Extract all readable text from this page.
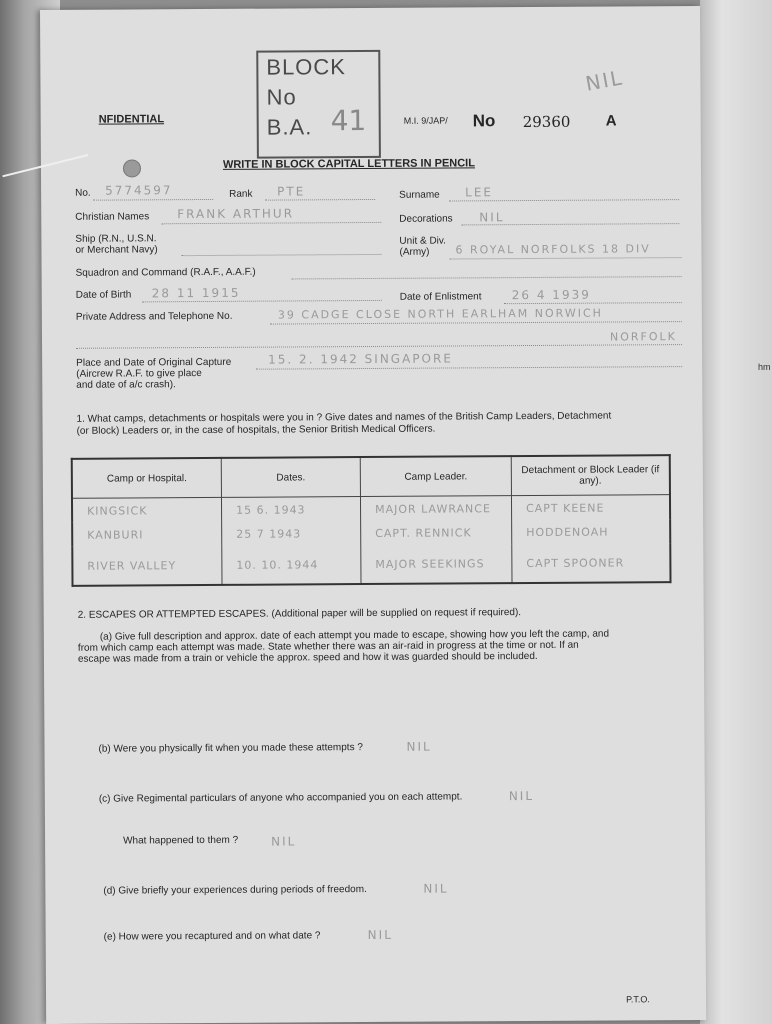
hm
NFIDENTIAL
BLOCK
No
B.A. 41	M.I. 9/JAP/ No 29360 A
NIL
WRITE IN BLOCK CAPITAL LETTERS IN PENCIL
No. 5774597	Rank PTE	Surname LEE
Christian Names FRANK ARTHUR	Decorations NIL
Ship (R.N., U.S.N.
or Merchant Navy)
Unit & Div.
(Army) 6 ROYAL NORFOLKS 18 DIV
Squadron and Command (R.A.F., A.A.F.)
Date of Birth 28 11 1915	Date of Enlistment	26 4 1939
Private Address and Telephone No.	39 CADGE CLOSE NORTH EARLHAM NORWICH
NORFOLK
Place and Date of Original Capture
(Aircrew R.A.F. to give place
and date of a/c crash).
15. 2. 1942 SINGAPORE
1. What camps, detachments or hospitals were you in ? Give dates and names of the British Camp Leaders, Detachment
(or Block) Leaders or, in the case of hospitals, the Senior British Medical Officers.
Camp or Hospital.	Dates.	Camp Leader.	Detachment or Block Leader (if any).
KINGSICK	15 6. 1943	MAJOR LAWRANCE	CAPT KEENE
KANBURI	25 7 1943	CAPT. RENNICK	HODDENOAH
RIVER VALLEY	10. 10. 1944	MAJOR SEEKINGS	CAPT SPOONER
2. ESCAPES OR ATTEMPTED ESCAPES. (Additional paper will be supplied on request if required).
(a) Give full description and approx. date of each attempt you made to escape, showing how you left the camp, and
from which camp each attempt was made. State whether there was an air-raid in progress at the time or not. If an
escape was made from a train or vehicle the approx. speed and how it was guarded should be included.
(b) Were you physically fit when you made these attempts ?	NIL
(c) Give Regimental particulars of anyone who accompanied you on each attempt.	NIL
What happened to them ?	NIL
(d) Give briefly your experiences during periods of freedom.	NIL
(e) How were you recaptured and on what date ?	NIL
P.T.O.
